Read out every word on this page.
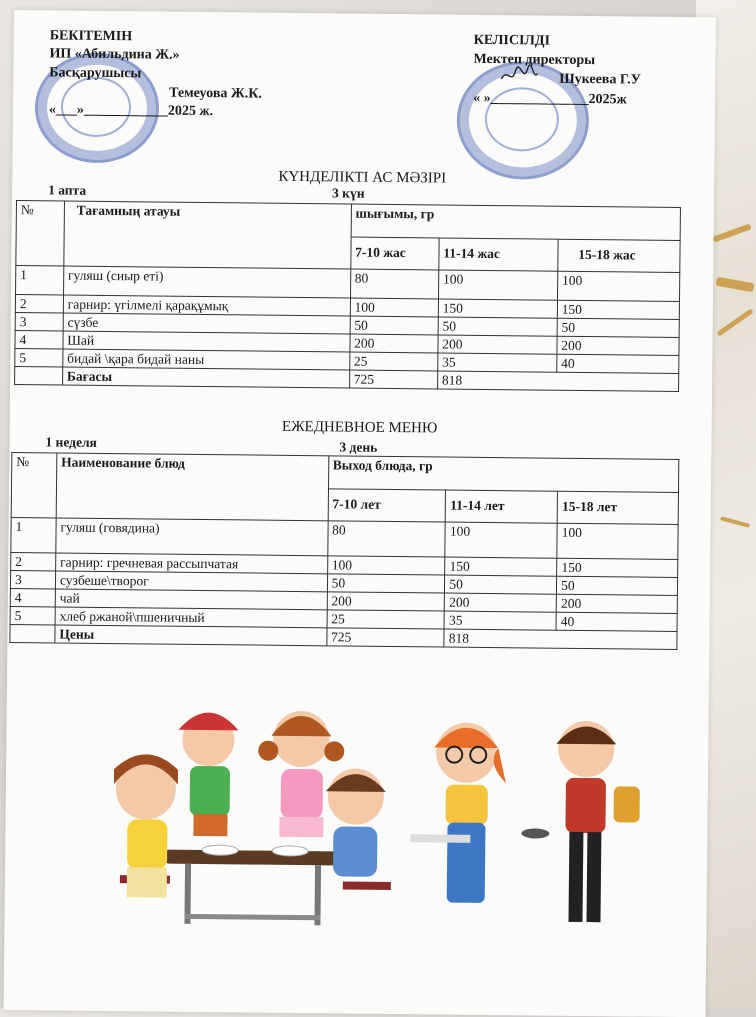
БЕКІТЕМІН
ИП «Абильдина Ж.»
Басқарушысы
Темеуова Ж.К.
«___»____________2025 ж.
КЕЛІСІЛДІ
Мектеп директоры
Шукеева Г.У
« »______________2025ж
КҮНДЕЛІКТІ АС МӘЗІРІ
1 апта	3 күн
№	Тағамның атауы	шығымы, гр		
		7-10 жас	11-14 жас	15-18 жас
1	гуляш (сиыр еті)	80	100	100
2	гарнир: үгілмелі қарақұмық	100	150	150
3	сүзбе	50	50	50
4	Шай	200	200	200
5	бидай \қара бидай наны	25	35	40
	Бағасы	725	818	
ЕЖЕДНЕВНОЕ МЕНЮ
1 неделя	3 день
№	Наименование блюд	Выход блюда, гр		
		7-10 лет	11-14 лет	15-18 лет
1	гуляш (говядина)	80	100	100
2	гарнир: гречневая рассыпчатая	100	150	150
3	сузбеше\творог	50	50	50
4	чай	200	200	200
5	хлеб ржаной\пшеничный	25	35	40
	Цены	725	818	
